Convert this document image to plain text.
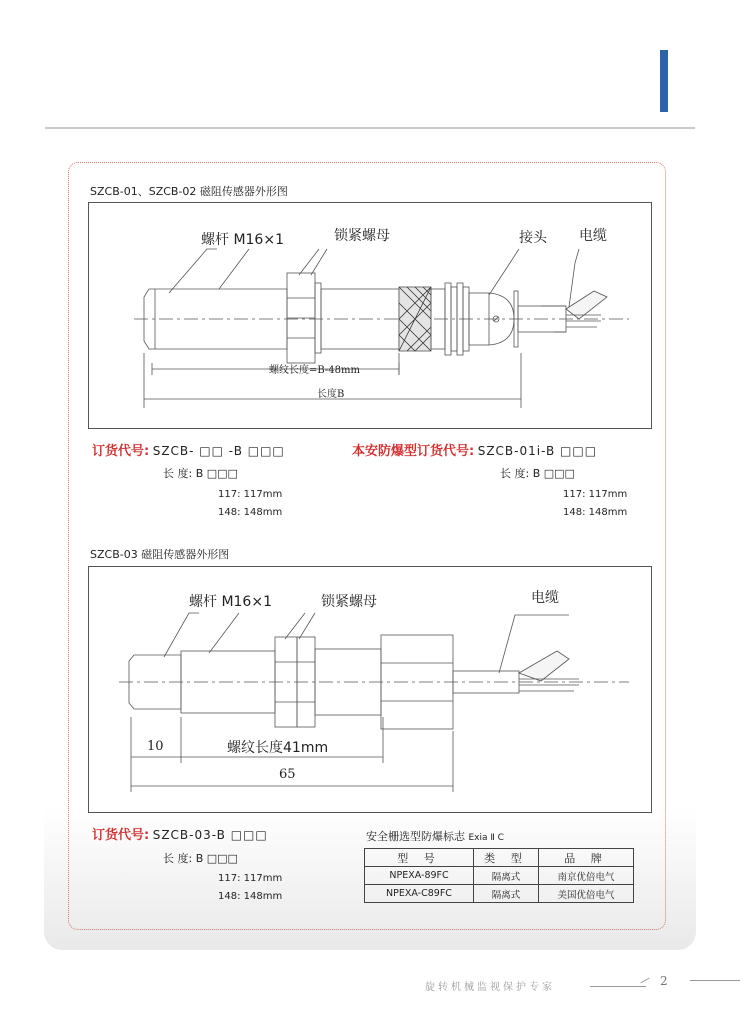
SZCB-01、SZCB-02 磁阻传感器外形图
螺杆 M16×1	锁紧螺母	接头 电缆
螺纹长度=B-48mm
长度B
订货代号: SZCB- □□ -B □□□
长 度: B □□□
117: 117mm
148: 148mm
本安防爆型订货代号: SZCB-01i-B □□□
长 度: B □□□
117: 117mm
148: 148mm
SZCB-03 磁阻传感器外形图
螺杆 M16×1	锁紧螺母	电缆
10	螺纹长度41mm
65
订货代号: SZCB-03-B □□□
长 度: B □□□
117: 117mm
148: 148mm
安全栅选型防爆标志 Exia Ⅱ C
型 号	类 型	品 牌
NPEXA-89FC	隔离式	南京优倍电气
NPEXA-C89FC	隔离式	美国优倍电气
旋转机械监视保护专家	2
